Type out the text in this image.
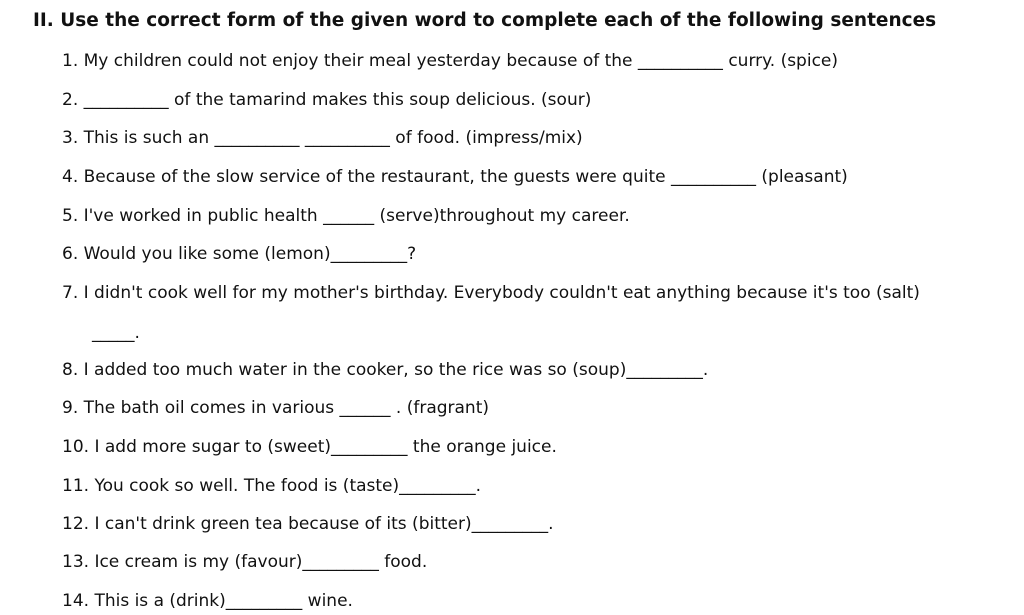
II. Use the correct form of the given word to complete each of the following sentences
1. My children could not enjoy their meal yesterday because of the __________ curry. (spice)
2. __________ of the tamarind makes this soup delicious. (sour)
3. This is such an __________ __________ of food. (impress/mix)
4. Because of the slow service of the restaurant, the guests were quite __________ (pleasant)
5. I've worked in public health ______ (serve)throughout my career.
6. Would you like some (lemon)_________?
7. I didn't cook well for my mother's birthday. Everybody couldn't eat anything because it's too (salt)
_____.
8. I added too much water in the cooker, so the rice was so (soup)_________.
9. The bath oil comes in various ______ . (fragrant)
10. I add more sugar to (sweet)_________ the orange juice.
11. You cook so well. The food is (taste)_________.
12. I can't drink green tea because of its (bitter)_________.
13. Ice cream is my (favour)_________ food.
14. This is a (drink)_________ wine.
